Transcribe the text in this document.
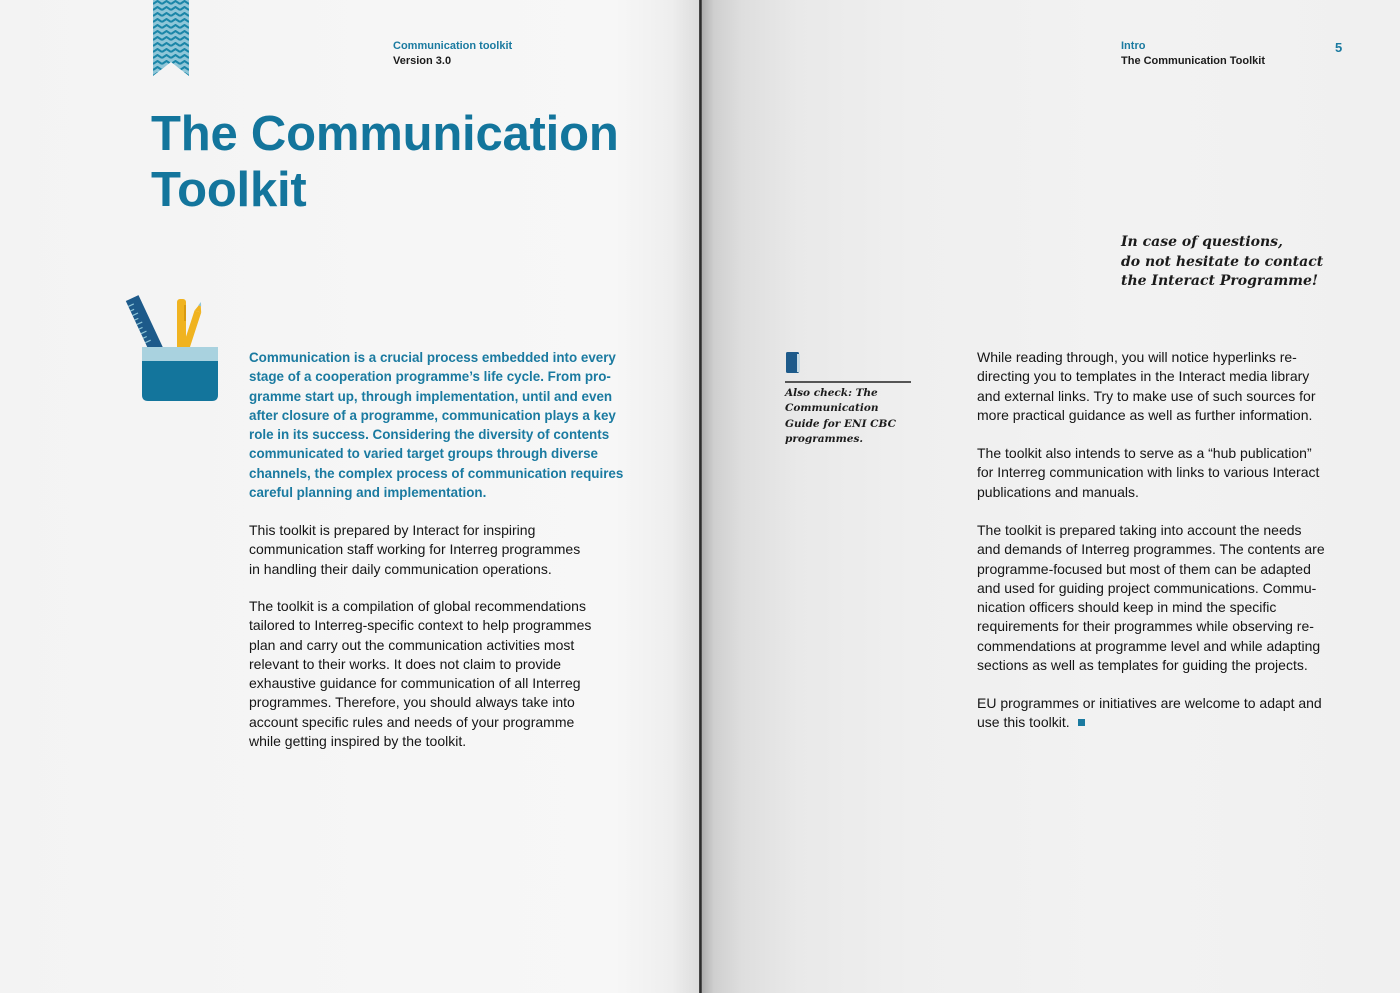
Communication toolkit
Version 3.0
The Communication
Toolkit
Communication is a crucial process embedded into every
stage of a cooperation programme’s life cycle. From pro-
gramme start up, through implementation, until and even
after closure of a programme, communication plays a key
role in its success. Considering the diversity of contents
communicated to varied target groups through diverse
channels, the complex process of communication requires
careful planning and implementation.
This toolkit is prepared by Interact for inspiring
communication staff working for Interreg programmes
in handling their daily communication operations.
The toolkit is a compilation of global recommendations
tailored to Interreg-specific context to help programmes
plan and carry out the communication activities most
relevant to their works. It does not claim to provide
exhaustive guidance for communication of all Interreg
programmes. Therefore, you should always take into
account specific rules and needs of your programme
while getting inspired by the toolkit.
Intro
The Communication Toolkit
5
In case of questions,
do not hesitate to contact
the Interact Programme!
Also check: The
Communication
Guide for ENI CBC
programmes.
While reading through, you will notice hyperlinks re-
directing you to templates in the Interact media library
and external links. Try to make use of such sources for
more practical guidance as well as further information.
The toolkit also intends to serve as a “hub publication”
for Interreg communication with links to various Interact
publications and manuals.
The toolkit is prepared taking into account the needs
and demands of Interreg programmes. The contents are
programme-focused but most of them can be adapted
and used for guiding project communications. Commu-
nication officers should keep in mind the specific
requirements for their programmes while observing re-
commendations at programme level and while adapting
sections as well as templates for guiding the projects.
EU programmes or initiatives are welcome to adapt and
use this toolkit.
